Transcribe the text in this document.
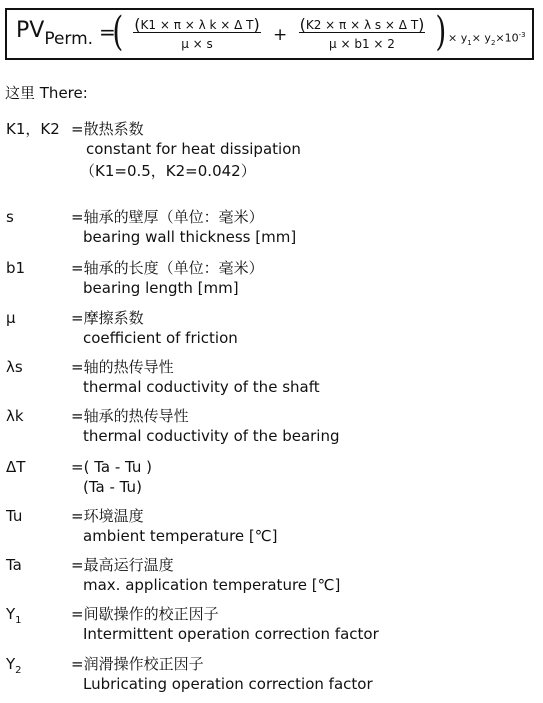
$PV_{Perm.}$ =
( $\frac{\text{(K1 × π × λ k × Δ T)}}{\mu \times s} + \frac{\text{(K2 × π × λ s × Δ T)}}{\mu \times b1 \times 2}$ ) × $y_1\times y_2\times 10^{-3}$
这里 There:
K1，K2 =散热系数
constant for heat dissipation
（K1=0.5，K2=0.042）
s	=轴承的壁厚（单位：毫米）
bearing wall thickness [mm]
b1	=轴承的长度（单位：毫米）
bearing length [mm]
μ	=摩擦系数
coefficient of friction
λs	=轴的热传导性
thermal coductivity of the shaft
λk	=轴承的热传导性
thermal coductivity of the bearing
ΔT	=( Ta - Tu )
(Ta - Tu)
Tu	=环境温度
ambient temperature [℃]
Ta	=最高运行温度
max. application temperature [℃]
$Y_1$	=间歇操作的校正因子
Intermittent operation correction factor
$Y_2$	=润滑操作校正因子
Lubricating operation correction factor
